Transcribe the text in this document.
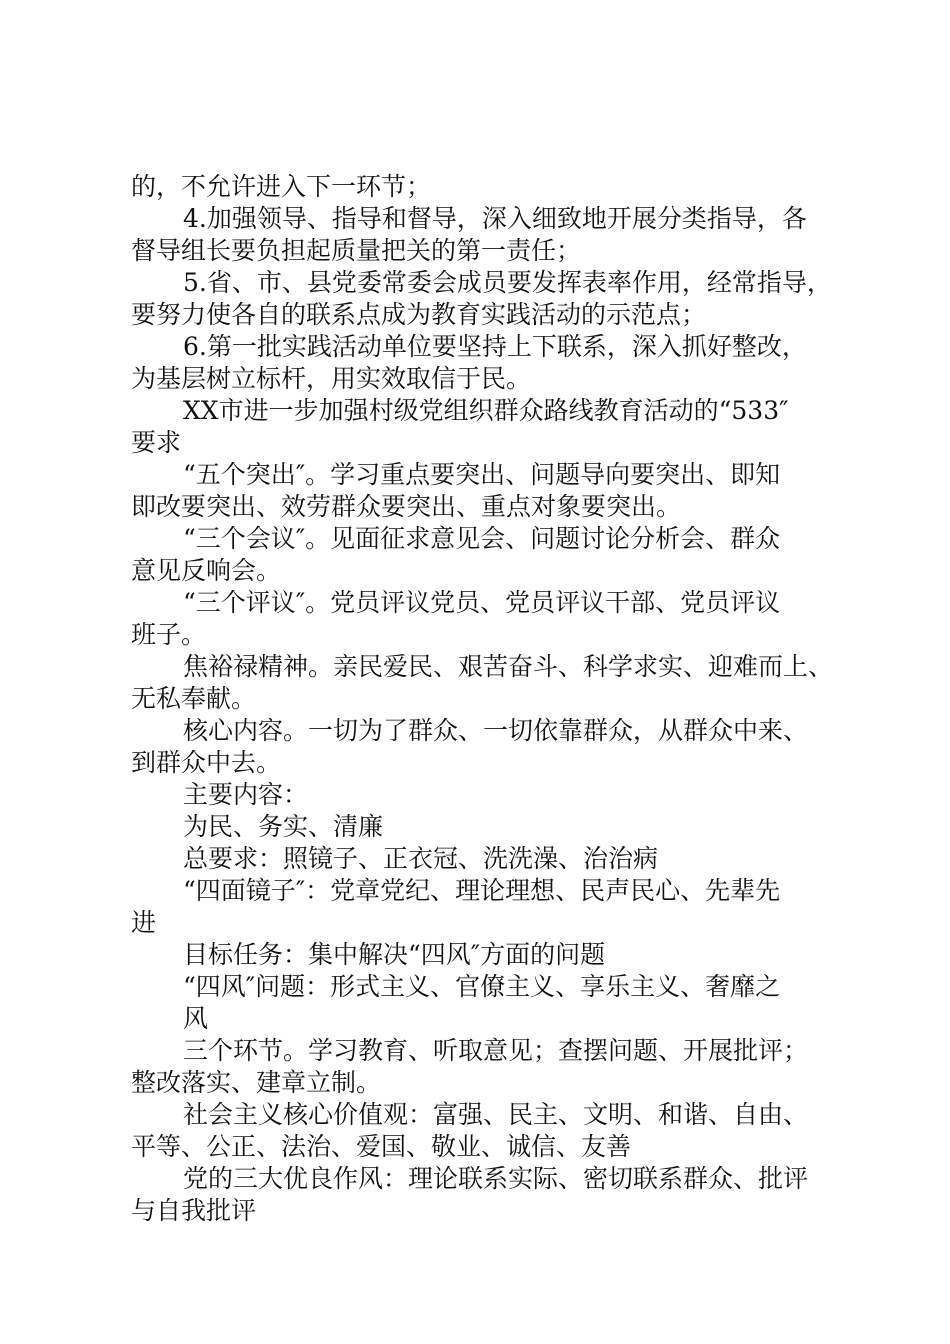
的，不允许进入下一环节；

4.加强领导、指导和督导，深入细致地开展分类指导，各
督导组长要负担起质量把关的第一责任；

5.省、市、县党委常委会成员要发挥表率作用，经常指导，
要努力使各自的联系点成为教育实践活动的示范点；

6.第一批实践活动单位要坚持上下联系，深入抓好整改，
为基层树立标杆，用实效取信于民。

XX市进一步加强村级党组织群众路线教育活动的“533″
要求

“五个突出″。学习重点要突出、问题导向要突出、即知
即改要突出、效劳群众要突出、重点对象要突出。

“三个会议″。见面征求意见会、问题讨论分析会、群众
意见反响会。

“三个评议″。党员评议党员、党员评议干部、党员评议
班子。

焦裕禄精神。亲民爱民、艰苦奋斗、科学求实、迎难而上、
无私奉献。

核心内容。一切为了群众、一切依靠群众，从群众中来、
到群众中去。

主要内容：

为民、务实、清廉

总要求：照镜子、正衣冠、洗洗澡、治治病

“四面镜子″：党章党纪、理论理想、民声民心、先辈先
进

目标任务：集中解决“四风″方面的问题

“四风″问题：形式主义、官僚主义、享乐主义、奢靡之
风

三个环节。学习教育、听取意见；查摆问题、开展批评；
整改落实、建章立制。

社会主义核心价值观：富强、民主、文明、和谐、自由、
平等、公正、法治、爱国、敬业、诚信、友善

党的三大优良作风：理论联系实际、密切联系群众、批评
与自我批评
